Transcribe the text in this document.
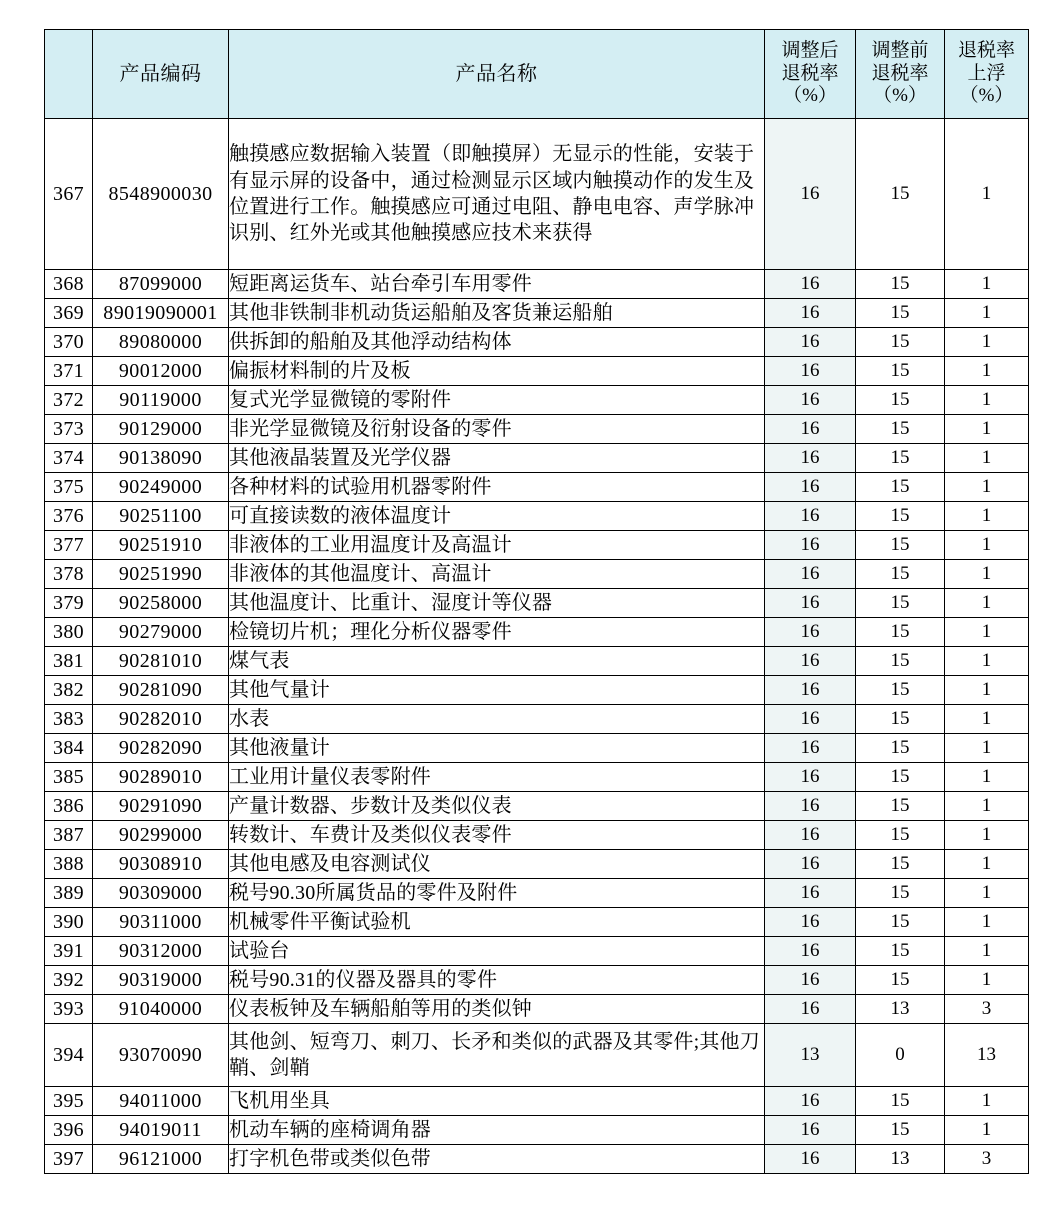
	产品编码	产品名称	调整后
退税率
（%）	调整前
退税率
（%）	退税率
上浮
（%）

367	8548900030	触摸感应数据输入装置（即触摸屏）无显示的性能，安装于有显示屏的设备中，通过检测显示区域内触摸动作的发生及位置进行工作。触摸感应可通过电阻、静电电容、声学脉冲识别、红外光或其他触摸感应技术来获得	16	15	1
368	87099000	短距离运货车、站台牵引车用零件	16	15	1
369	89019090001	其他非铁制非机动货运船舶及客货兼运船舶	16	15	1
370	89080000	供拆卸的船舶及其他浮动结构体	16	15	1
371	90012000	偏振材料制的片及板	16	15	1
372	90119000	复式光学显微镜的零附件	16	15	1
373	90129000	非光学显微镜及衍射设备的零件	16	15	1
374	90138090	其他液晶装置及光学仪器	16	15	1
375	90249000	各种材料的试验用机器零附件	16	15	1
376	90251100	可直接读数的液体温度计	16	15	1
377	90251910	非液体的工业用温度计及高温计	16	15	1
378	90251990	非液体的其他温度计、高温计	16	15	1
379	90258000	其他温度计、比重计、湿度计等仪器	16	15	1
380	90279000	检镜切片机；理化分析仪器零件	16	15	1
381	90281010	煤气表	16	15	1
382	90281090	其他气量计	16	15	1
383	90282010	水表	16	15	1
384	90282090	其他液量计	16	15	1
385	90289010	工业用计量仪表零附件	16	15	1
386	90291090	产量计数器、步数计及类似仪表	16	15	1
387	90299000	转数计、车费计及类似仪表零件	16	15	1
388	90308910	其他电感及电容测试仪	16	15	1
389	90309000	税号90.30所属货品的零件及附件	16	15	1
390	90311000	机械零件平衡试验机	16	15	1
391	90312000	试验台	16	15	1
392	90319000	税号90.31的仪器及器具的零件	16	15	1
393	91040000	仪表板钟及车辆船舶等用的类似钟	16	13	3
394	93070090	其他剑、短弯刀、刺刀、长矛和类似的武器及其零件;其他刀鞘、剑鞘	13	0	13
395	94011000	飞机用坐具	16	15	1
396	94019011	机动车辆的座椅调角器	16	15	1
397	96121000	打字机色带或类似色带	16	13	3
